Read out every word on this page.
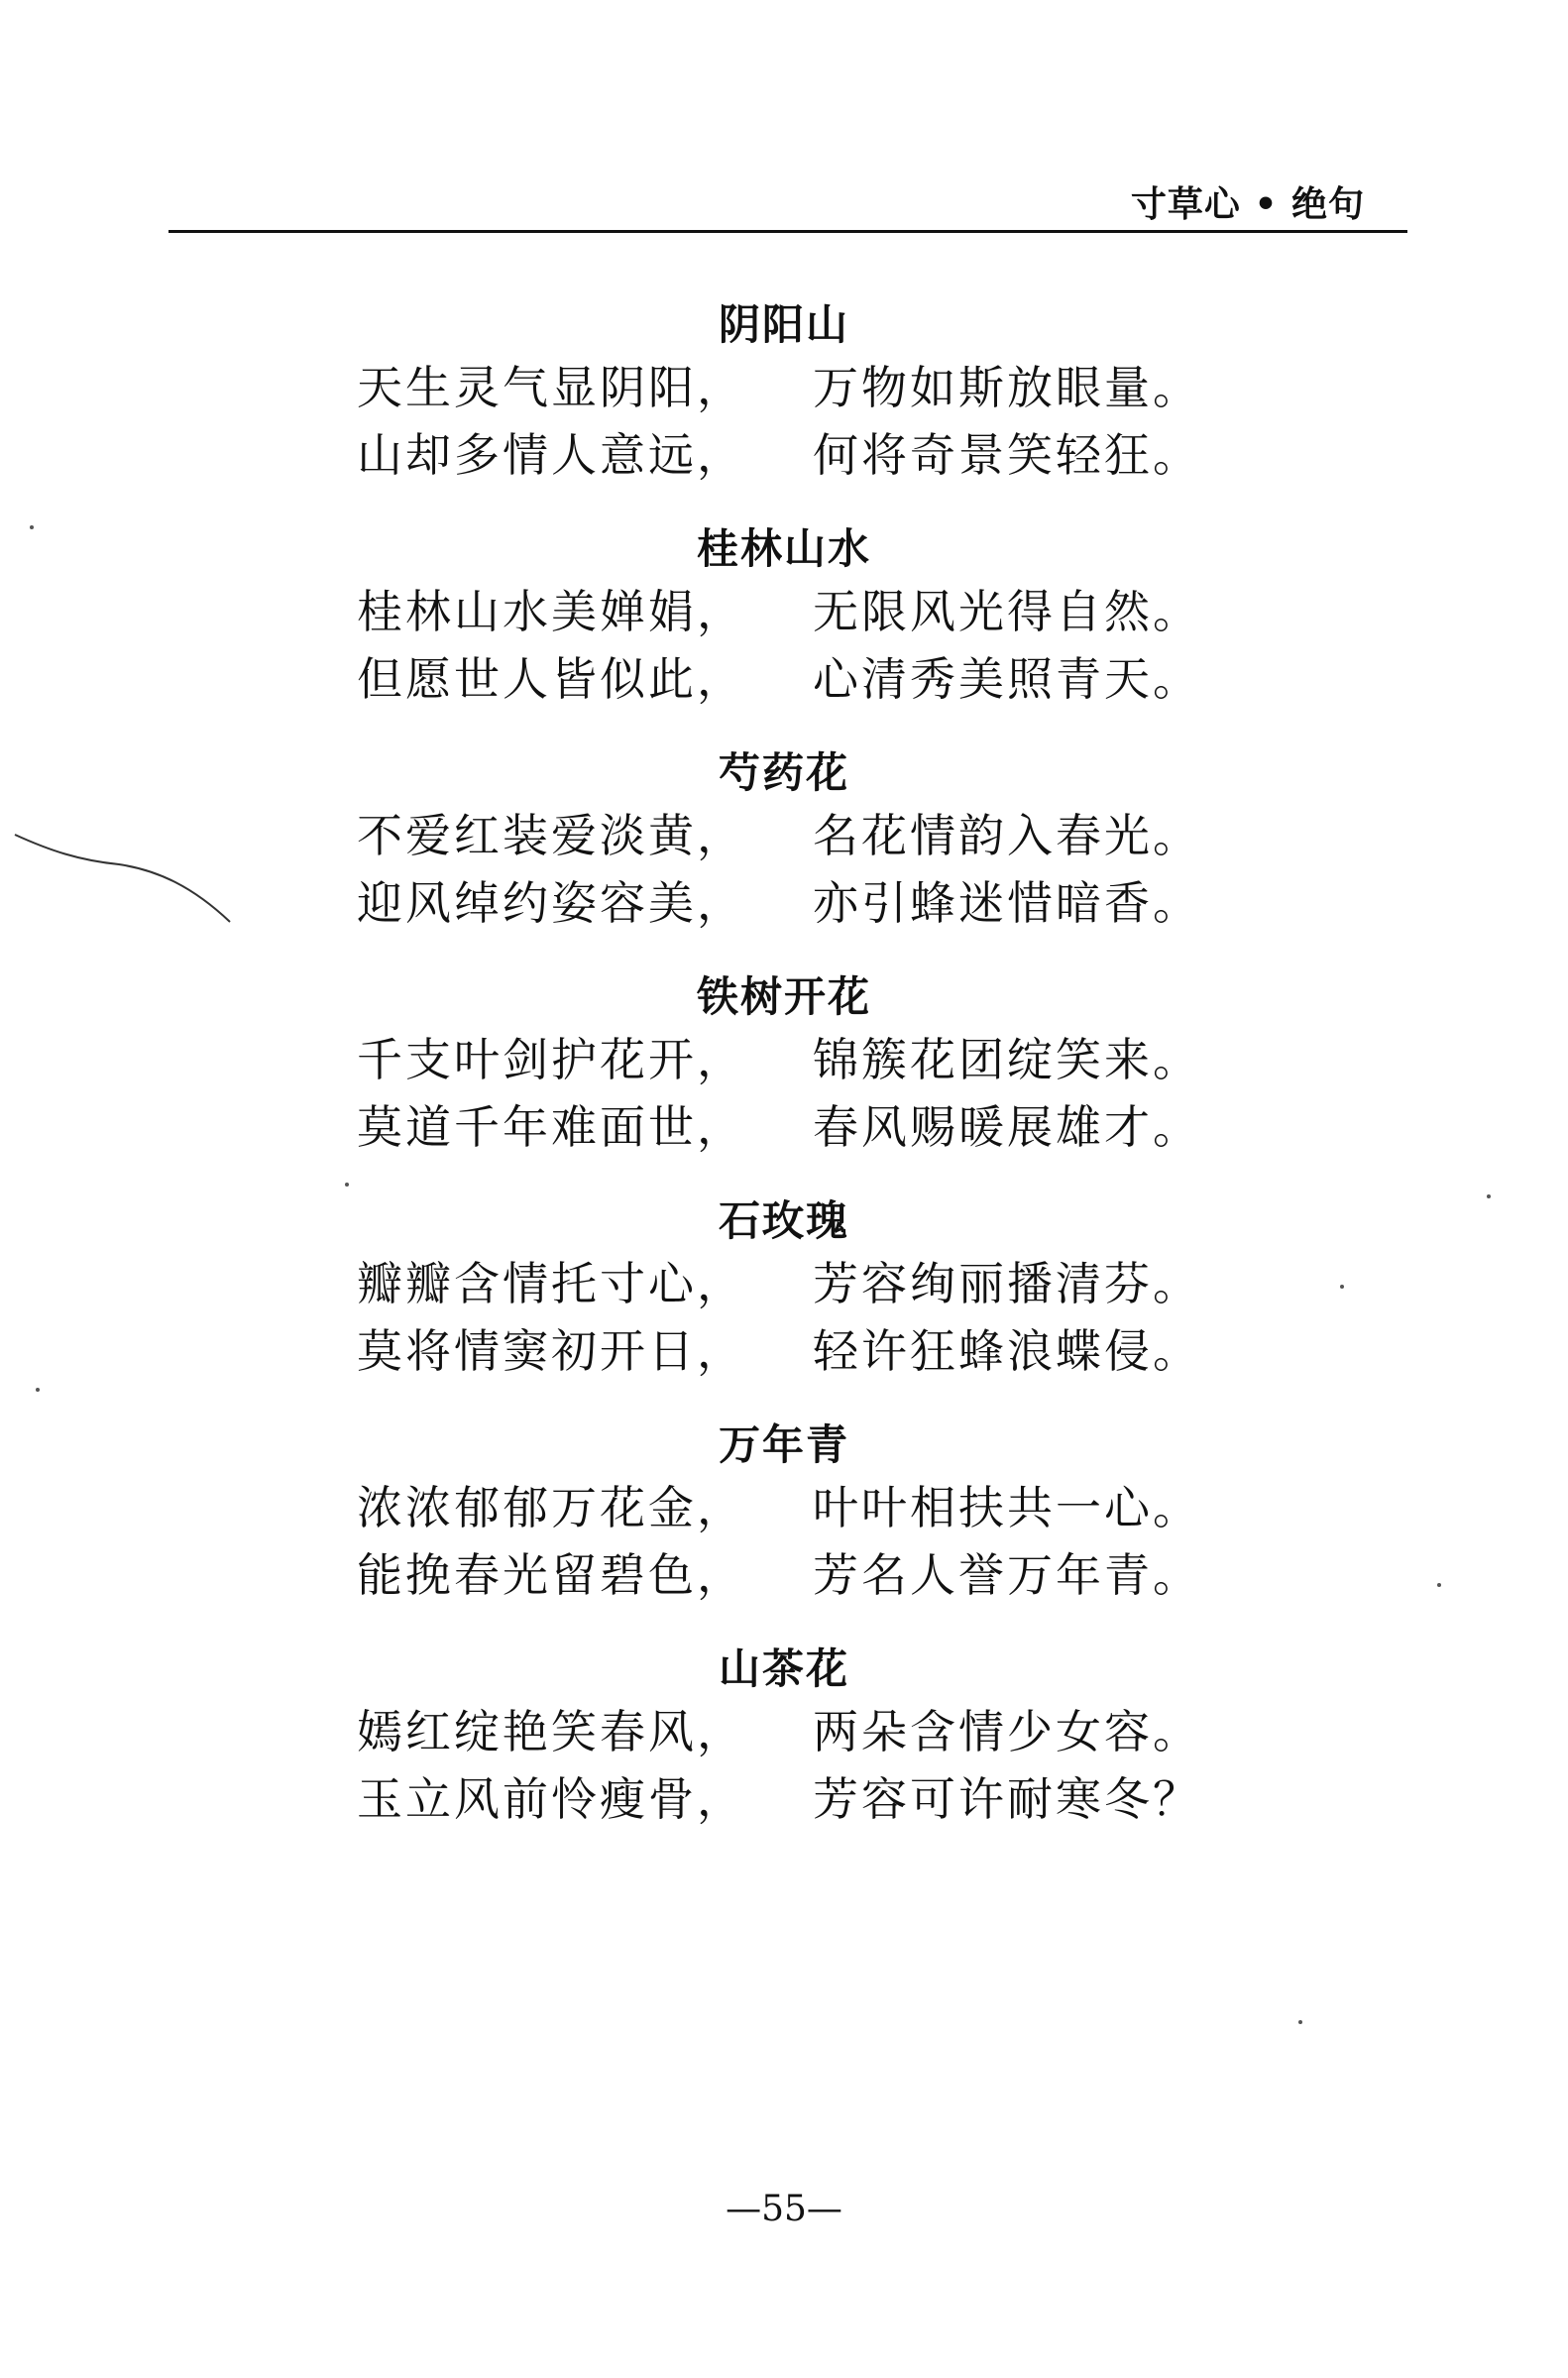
寸草心 • 绝句
阴阳山
天生灵气显阴阳， 万物如斯放眼量。
山却多情人意远， 何将奇景笑轻狂。
桂林山水
桂林山水美婵娟， 无限风光得自然。
但愿世人皆似此， 心清秀美照青天。
芍药花
不爱红装爱淡黄， 名花情韵入春光。
迎风绰约姿容美， 亦引蜂迷惜暗香。
铁树开花
千支叶剑护花开， 锦簇花团绽笑来。
莫道千年难面世， 春风赐暖展雄才。
石玫瑰
瓣瓣含情托寸心， 芳容绚丽播清芬。
莫将情窦初开日， 轻许狂蜂浪蝶侵。
万年青
浓浓郁郁万花金， 叶叶相扶共一心。
能挽春光留碧色， 芳名人誉万年青。
山茶花
嫣红绽艳笑春风， 两朵含情少女容。
玉立风前怜瘦骨， 芳容可许耐寒冬？
—55—
